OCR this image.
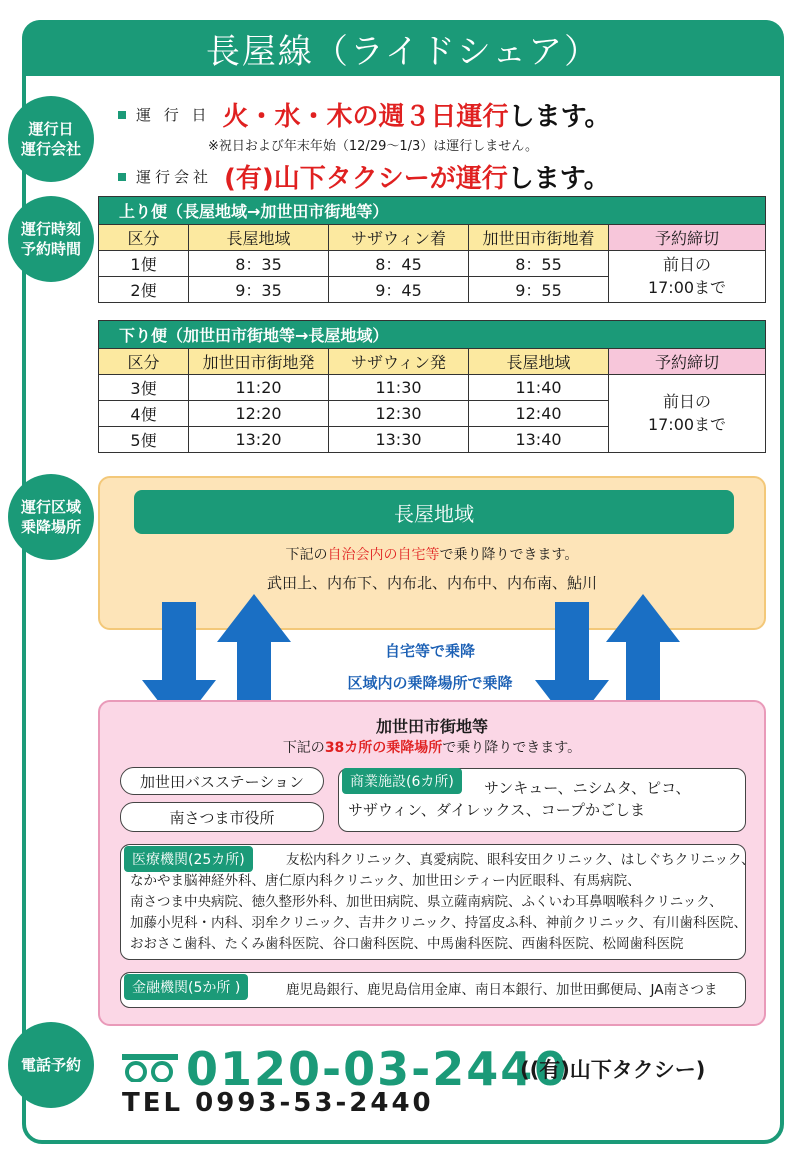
長屋線（ライドシェア）
運行日
運行会社
運行時刻
予約時間
運行区域
乗降場所
電話予約
運 行 日 火・水・木の週３日運行 します。
※祝日および年末年始（12/29～1/3）は運行しません。
運行会社 (有)山下タクシーが運行 します。
上り便（長屋地域→加世田市街地等）				
区分	長屋地域	サザウィン着	加世田市街地着	予約締切
1便	8：35	8：45	8：55	前日の
17:00まで

2便	9：35	9：45	9：55	
下り便（加世田市街地等→長屋地域）				
区分	加世田市街地発	サザウィン発	長屋地域	予約締切
3便	11:20	11:30	11:40	前日の
17:00まで

4便	12:20	12:30	12:40	
5便	13:20	13:30	13:40	
長屋地域
下記の自治会内の自宅等で乗り降りできます。
武田上、内布下、内布北、内布中、内布南、鮎川
自宅等で乗降
区域内の乗降場所で乗降
加世田市街地等
下記の38カ所の乗降場所で乗り降りできます。
加世田バスステーション
南さつま市役所
商業施設(6カ所)	サンキュー、ニシムタ、ピコ、
サザウィン、ダイレックス、コープかごしま
医療機関(25カ所)	友松内科クリニック、真愛病院、眼科安田クリニック、はしぐちクリニック、
なかやま脳神経外科、唐仁原内科クリニック、加世田シティー内匠眼科、有馬病院、
南さつま中央病院、徳久整形外科、加世田病院、県立薩南病院、ふくいわ耳鼻咽喉科クリニック、
加藤小児科・内科、羽牟クリニック、吉井クリニック、持冨皮ふ科、神前クリニック、有川歯科医院、
おおさこ歯科、たくみ歯科医院、谷口歯科医院、中馬歯科医院、西歯科医院、松岡歯科医院
金融機関(5か所 )	鹿児島銀行、鹿児島信用金庫、南日本銀行、加世田郵便局、JA南さつま
0120-03-2440
((有)山下タクシー)
TEL 0993-53-2440
